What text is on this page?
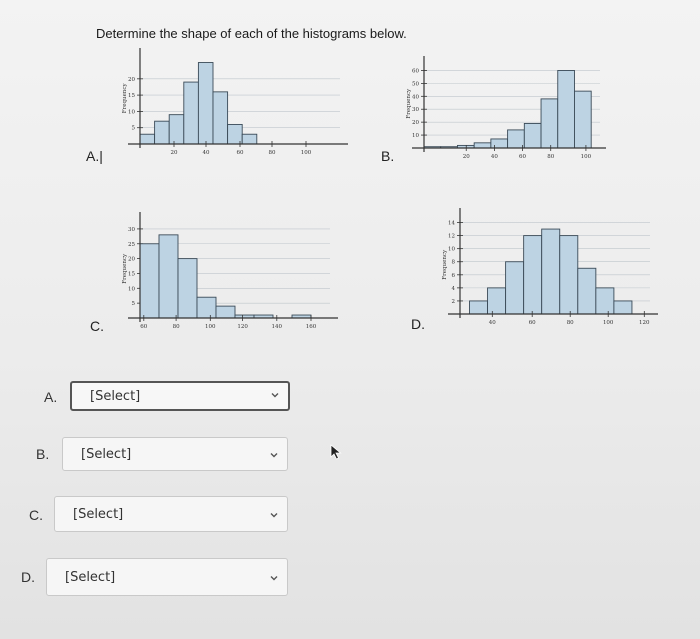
Determine the shape of each of the histograms below.
A.|
20
15
10
5
20	40	60	80	100
Frequency
B.
60
50
40
30
20
10
20	40	60	80	100
Frequency
C.
30
25
20
15
10
5
60	80	100	120	140	160
Frequency
D.
14
12
10
8
6
4
2
40	60	80	100	120
Frequency
A.	[Select]
B. [Select]
C. [Select]
D. [Select]
